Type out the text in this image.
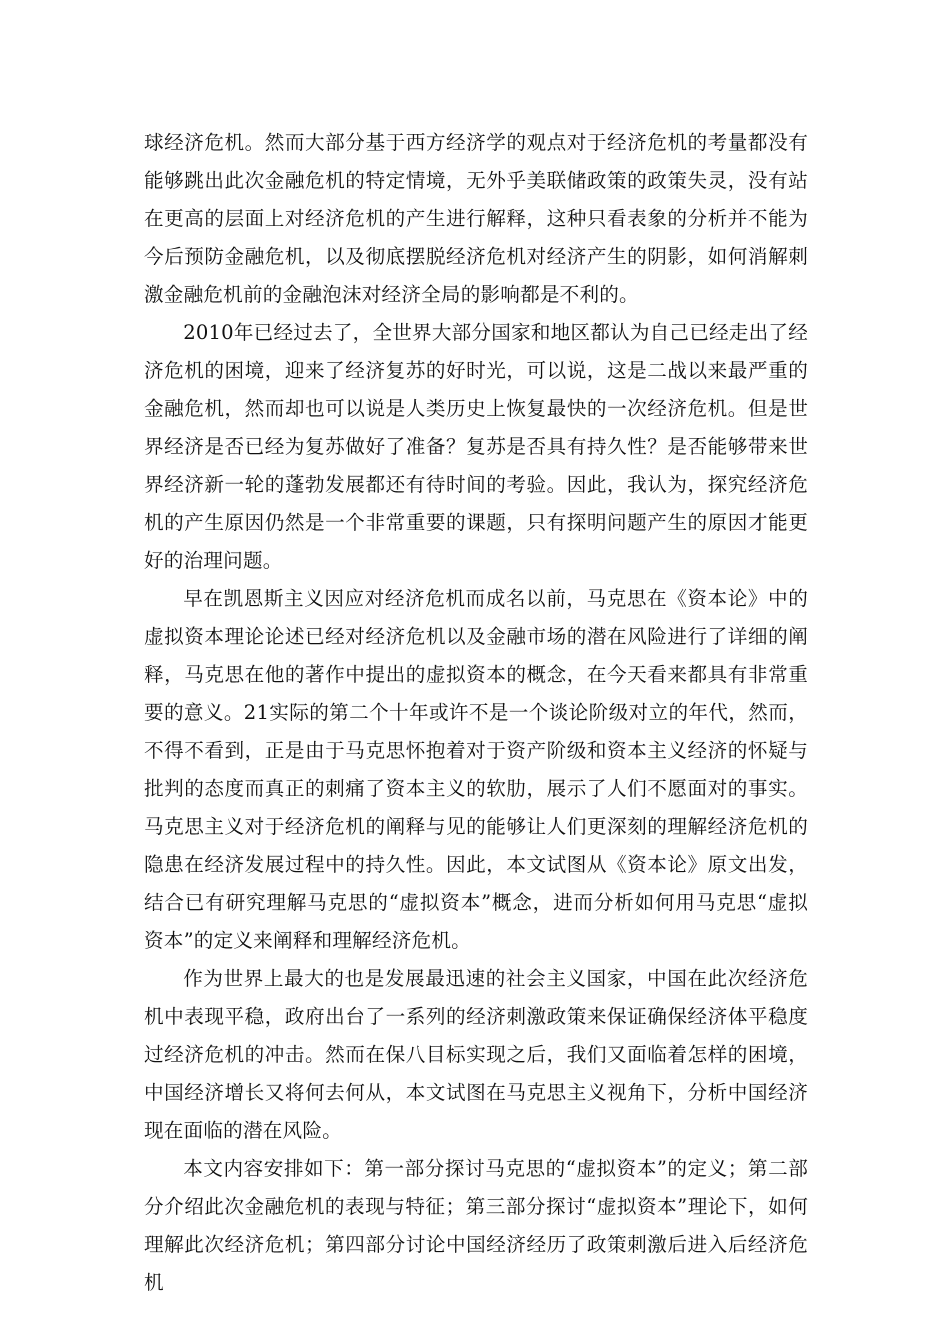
球经济危机。然而大部分基于西方经济学的观点对于经济危机的考量都没有能够跳出此次金融危机的特定情境，无外乎美联储政策的政策失灵，没有站在更高的层面上对经济危机的产生进行解释，这种只看表象的分析并不能为今后预防金融危机，以及彻底摆脱经济危机对经济产生的阴影，如何消解刺激金融危机前的金融泡沫对经济全局的影响都是不利的。

2010年已经过去了，全世界大部分国家和地区都认为自己已经走出了经济危机的困境，迎来了经济复苏的好时光，可以说，这是二战以来最严重的金融危机，然而却也可以说是人类历史上恢复最快的一次经济危机。但是世界经济是否已经为复苏做好了准备？复苏是否具有持久性？是否能够带来世界经济新一轮的蓬勃发展都还有待时间的考验。因此，我认为，探究经济危机的产生原因仍然是一个非常重要的课题，只有探明问题产生的原因才能更好的治理问题。

早在凯恩斯主义因应对经济危机而成名以前，马克思在《资本论》中的虚拟资本理论论述已经对经济危机以及金融市场的潜在风险进行了详细的阐释，马克思在他的著作中提出的虚拟资本的概念，在今天看来都具有非常重要的意义。21实际的第二个十年或许不是一个谈论阶级对立的年代，然而，不得不看到，正是由于马克思怀抱着对于资产阶级和资本主义经济的怀疑与批判的态度而真正的刺痛了资本主义的软肋，展示了人们不愿面对的事实。马克思主义对于经济危机的阐释与见的能够让人们更深刻的理解经济危机的隐患在经济发展过程中的持久性。因此，本文试图从《资本论》原文出发，结合已有研究理解马克思的“虚拟资本”概念，进而分析如何用马克思“虚拟资本”的定义来阐释和理解经济危机。

作为世界上最大的也是发展最迅速的社会主义国家，中国在此次经济危机中表现平稳，政府出台了一系列的经济刺激政策来保证确保经济体平稳度过经济危机的冲击。然而在保八目标实现之后，我们又面临着怎样的困境，中国经济增长又将何去何从，本文试图在马克思主义视角下，分析中国经济现在面临的潜在风险。

本文内容安排如下：第一部分探讨马克思的“虚拟资本”的定义；第二部分介绍此次金融危机的表现与特征；第三部分探讨“虚拟资本”理论下，如何理解此次经济危机；第四部分讨论中国经济经历了政策刺激后进入后经济危机
